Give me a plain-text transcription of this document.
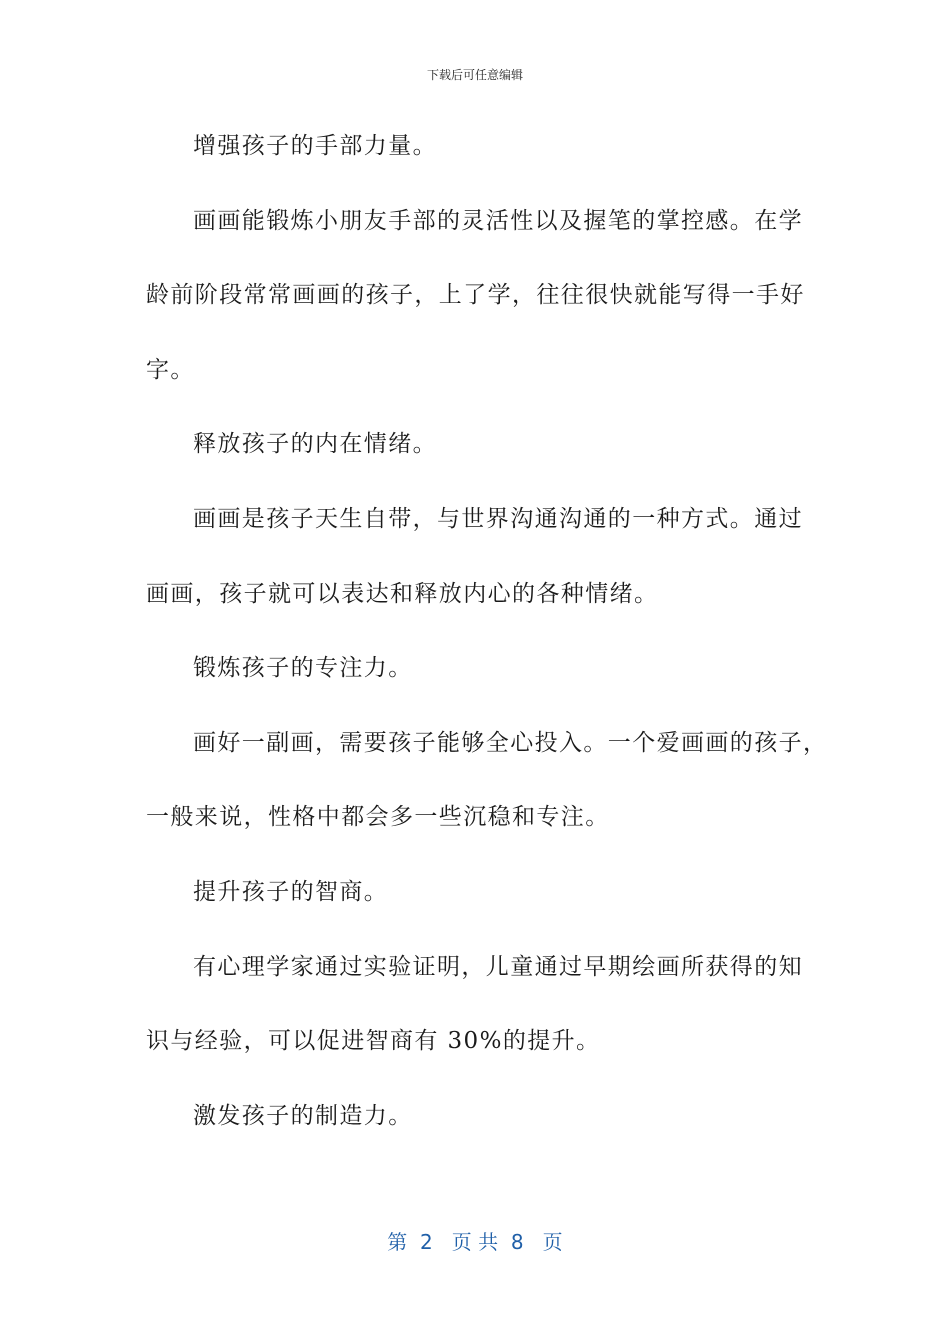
下载后可任意编辑
增强孩子的手部力量。
画画能锻炼小朋友手部的灵活性以及握笔的掌控感。在学
龄前阶段常常画画的孩子，上了学，往往很快就能写得一手好
字。
释放孩子的内在情绪。
画画是孩子天生自带，与世界沟通沟通的一种方式。通过
画画，孩子就可以表达和释放内心的各种情绪。
锻炼孩子的专注力。
画好一副画，需要孩子能够全心投入。一个爱画画的孩子，
一般来说，性格中都会多一些沉稳和专注。
提升孩子的智商。
有心理学家通过实验证明，儿童通过早期绘画所获得的知
识与经验，可以促进智商有 30%的提升。
激发孩子的制造力。
第  2   页 共  8   页
